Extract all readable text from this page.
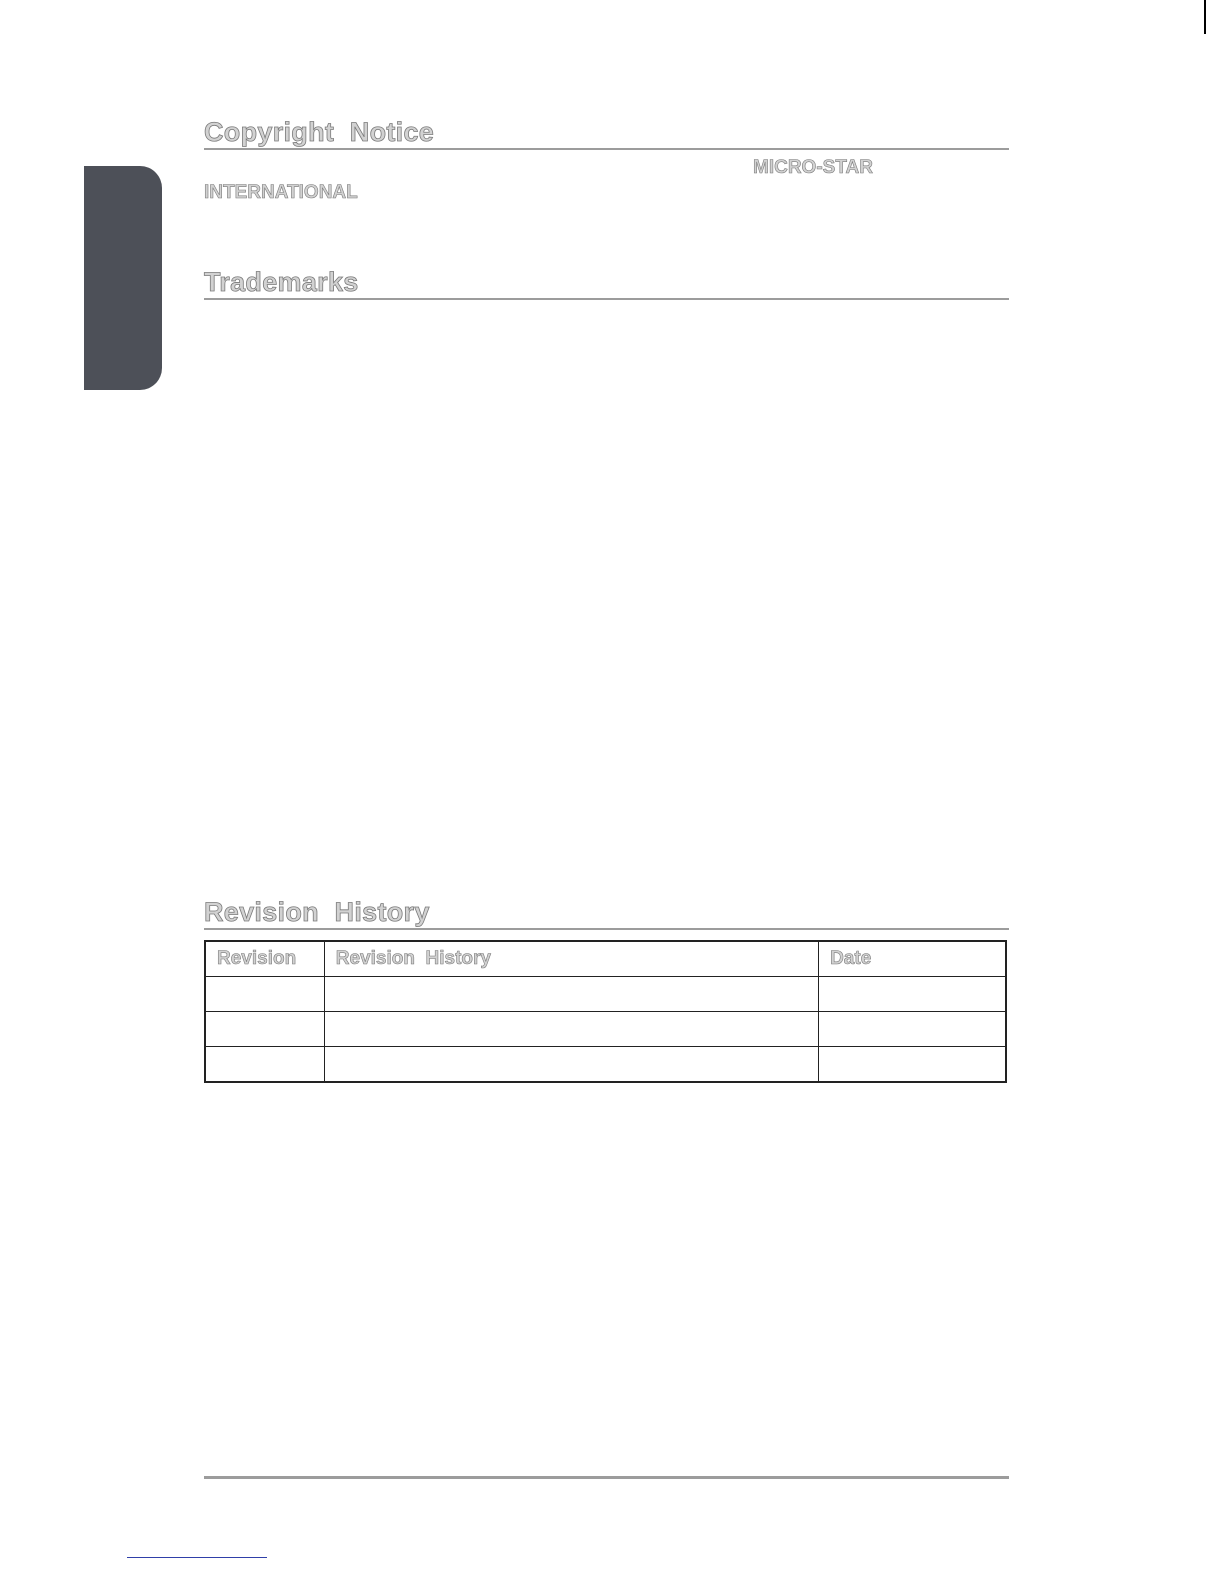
Copyright  Notice
MICRO-STAR
INTERNATIONAL
Trademarks
Revision  History
Revision	Revision  History	Date
